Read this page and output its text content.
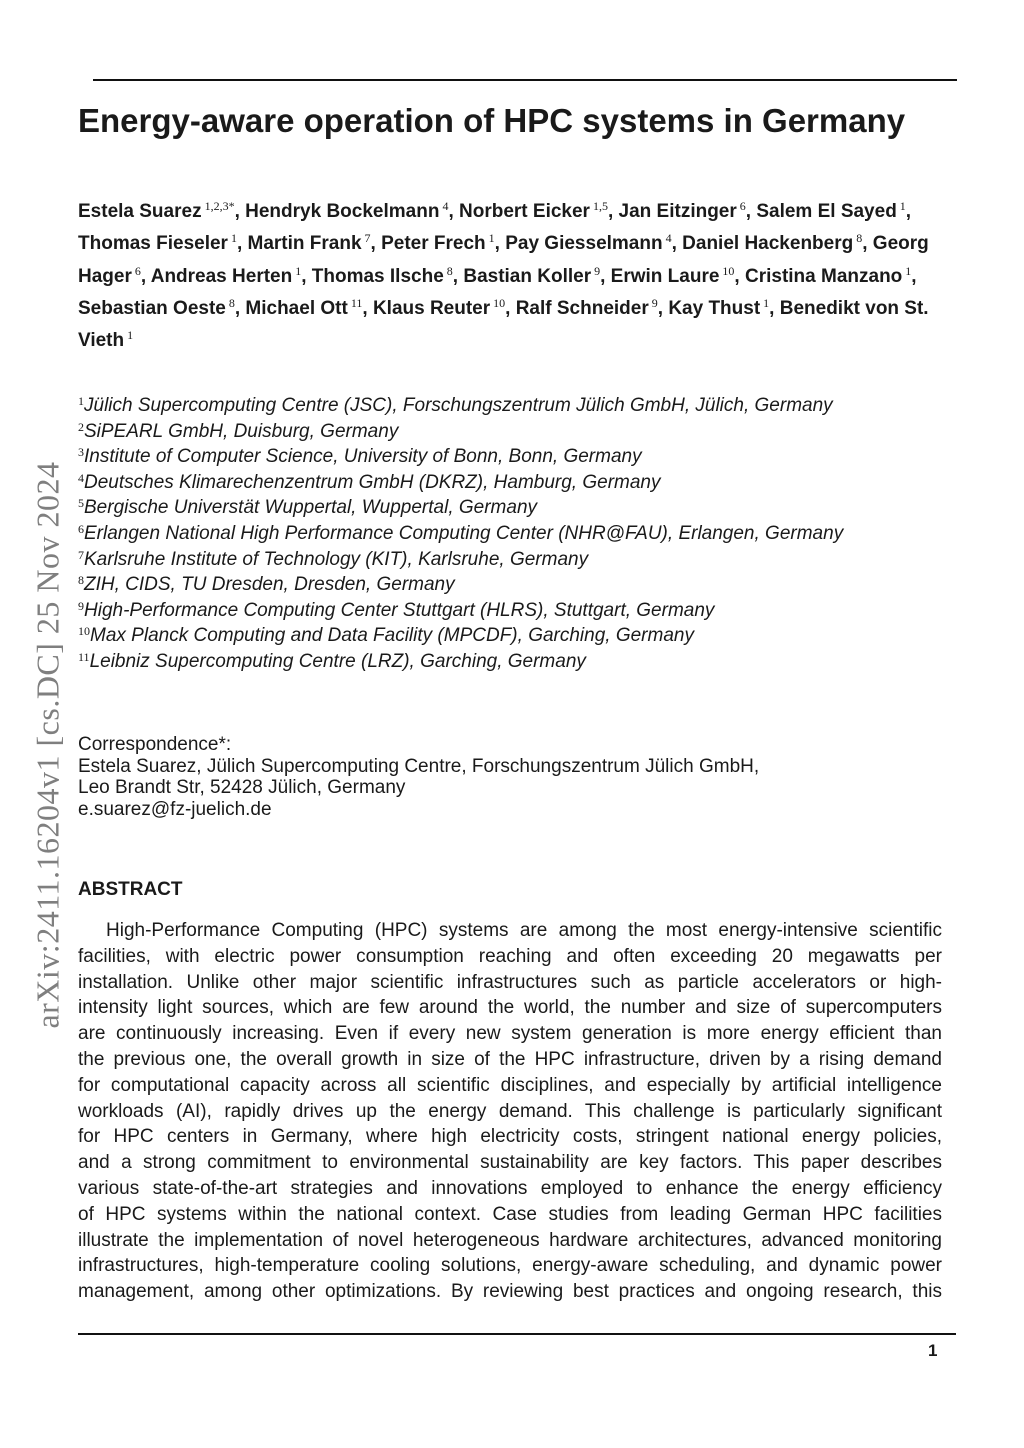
arXiv:2411.16204v1 [cs.DC] 25 Nov 2024
Energy-aware operation of HPC systems in Germany

Estela Suarez $^{1,2,3*}$, Hendryk Bockelmann $^4$, Norbert Eicker $^{1,5}$, Jan Eitzinger $^6$, Salem El Sayed $^1$, Thomas Fieseler $^1$, Martin Frank $^7$, Peter Frech $^1$, Pay Giesselmann $^4$, Daniel Hackenberg $^8$, Georg Hager $^6$, Andreas Herten $^1$, Thomas Ilsche $^8$, Bastian Koller $^9$, Erwin Laure $^{10}$, Cristina Manzano $^1$, Sebastian Oeste $^8$, Michael Ott $^{11}$, Klaus Reuter $^{10}$, Ralf Schneider $^9$, Kay Thust $^1$, Benedikt von St. Vieth $^1$

$^1$Jülich Supercomputing Centre (JSC), Forschungszentrum Jülich GmbH, Jülich, Germany
$^2$SiPEARL GmbH, Duisburg, Germany
$^3$Institute of Computer Science, University of Bonn, Bonn, Germany
$^4$Deutsches Klimarechenzentrum GmbH (DKRZ), Hamburg, Germany
$^5$Bergische Universtät Wuppertal, Wuppertal, Germany
$^6$Erlangen National High Performance Computing Center (NHR@FAU), Erlangen, Germany
$^7$Karlsruhe Institute of Technology (KIT), Karlsruhe, Germany
$^8$ZIH, CIDS, TU Dresden, Dresden, Germany
$^9$High-Performance Computing Center Stuttgart (HLRS), Stuttgart, Germany
$^{10}$Max Planck Computing and Data Facility (MPCDF), Garching, Germany
$^{11}$Leibniz Supercomputing Centre (LRZ), Garching, Germany
Correspondence*:
Estela Suarez, Jülich Supercomputing Centre, Forschungszentrum Jülich GmbH,
Leo Brandt Str, 52428 Jülich, Germany
e.suarez@fz-juelich.de
ABSTRACT

High-Performance Computing (HPC) systems are among the most energy-intensive scientific
facilities, with electric power consumption reaching and often exceeding 20 megawatts per
installation. Unlike other major scientific infrastructures such as particle accelerators or high-
intensity light sources, which are few around the world, the number and size of supercomputers
are continuously increasing. Even if every new system generation is more energy efficient than
the previous one, the overall growth in size of the HPC infrastructure, driven by a rising demand
for computational capacity across all scientific disciplines, and especially by artificial intelligence
workloads (AI), rapidly drives up the energy demand. This challenge is particularly significant
for HPC centers in Germany, where high electricity costs, stringent national energy policies,
and a strong commitment to environmental sustainability are key factors. This paper describes
various state-of-the-art strategies and innovations employed to enhance the energy efficiency
of HPC systems within the national context. Case studies from leading German HPC facilities
illustrate the implementation of novel heterogeneous hardware architectures, advanced monitoring
infrastructures, high-temperature cooling solutions, energy-aware scheduling, and dynamic power
management, among other optimizations. By reviewing best practices and ongoing research, this

1
